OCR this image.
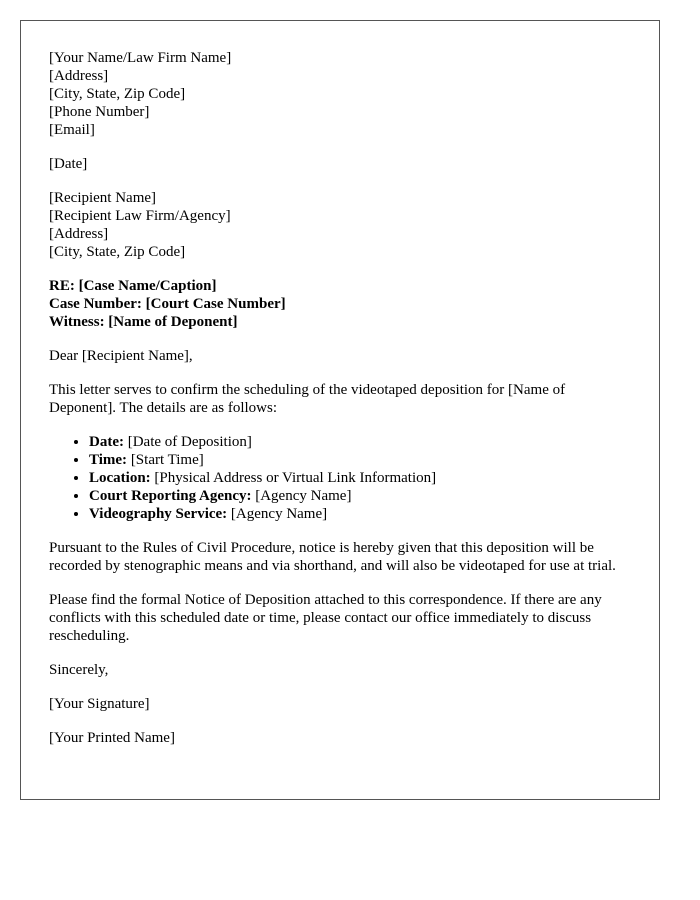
[Your Name/Law Firm Name]
[Address]
[City, State, Zip Code]
[Phone Number]
[Email]
[Date]
[Recipient Name]
[Recipient Law Firm/Agency]
[Address]
[City, State, Zip Code]
RE: [Case Name/Caption]
Case Number: [Court Case Number]
Witness: [Name of Deponent]

Dear [Recipient Name],

This letter serves to confirm the scheduling of the videotaped deposition for [Name of Deponent]. The details are as follows:

• Date: [Date of Deposition]
• Time: [Start Time]
• Location: [Physical Address or Virtual Link Information]
• Court Reporting Agency: [Agency Name]
• Videography Service: [Agency Name]

Pursuant to the Rules of Civil Procedure, notice is hereby given that this deposition will be recorded by stenographic means and via shorthand, and will also be videotaped for use at trial.

Please find the formal Notice of Deposition attached to this correspondence. If there are any conflicts with this scheduled date or time, please contact our office immediately to discuss rescheduling.

Sincerely,

[Your Signature]

[Your Printed Name]
